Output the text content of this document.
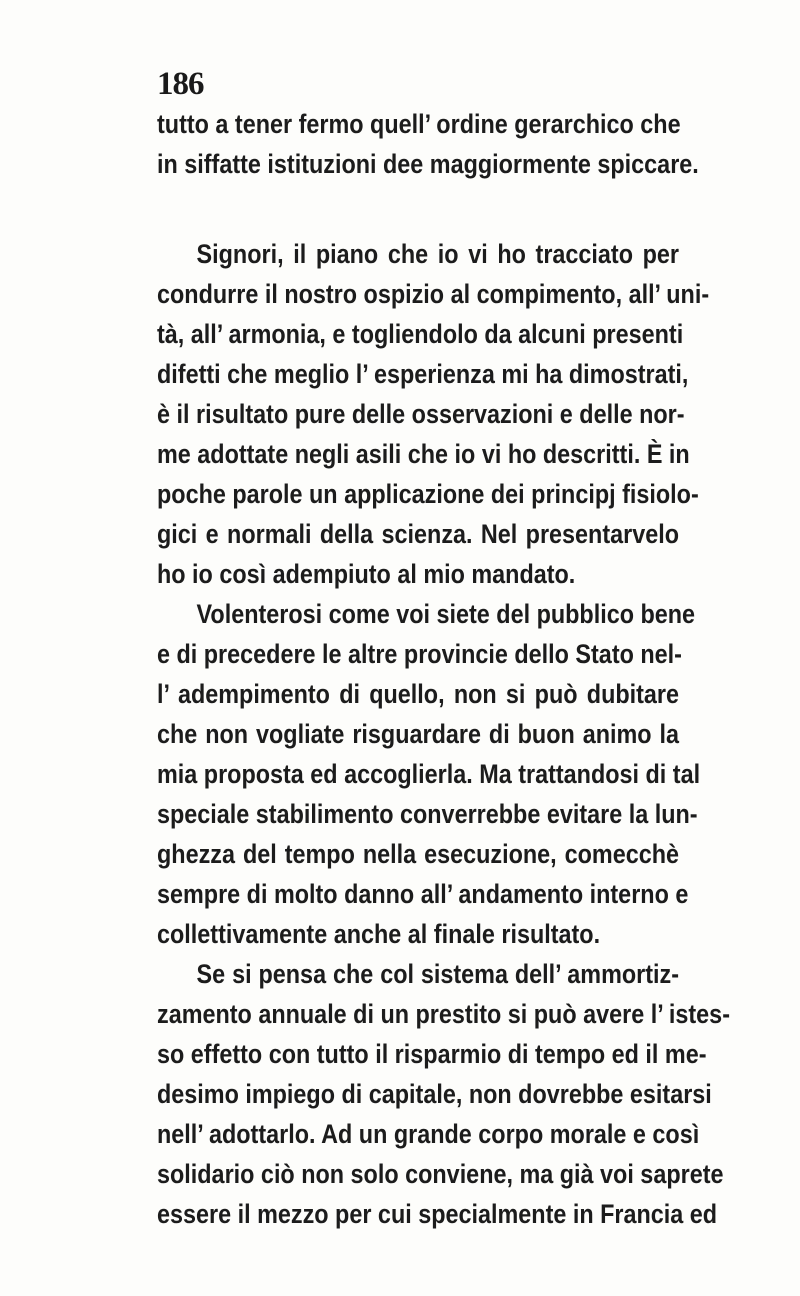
186
tutto a tener fermo quell’ ordine gerarchico che
in siffatte istituzioni dee maggiormente spiccare.
Signori, il piano che io vi ho tracciato per
condurre il nostro ospizio al compimento, all’ uni-
tà, all’ armonia, e togliendolo da alcuni presenti
difetti che meglio l’ esperienza mi ha dimostrati,
è il risultato pure delle osservazioni e delle nor-
me adottate negli asili che io vi ho descritti. È in
poche parole un applicazione dei principj fisiolo-
gici e normali della scienza. Nel presentarvelo
ho io così adempiuto al mio mandato.
Volenterosi come voi siete del pubblico bene
e di precedere le altre provincie dello Stato nel-
l’ adempimento di quello, non si può dubitare
che non vogliate risguardare di buon animo la
mia proposta ed accoglierla. Ma trattandosi di tal
speciale stabilimento converrebbe evitare la lun-
ghezza del tempo nella esecuzione, comecchè
sempre di molto danno all’ andamento interno e
collettivamente anche al finale risultato.
Se si pensa che col sistema dell’ ammortiz-
zamento annuale di un prestito si può avere l’ istes-
so effetto con tutto il risparmio di tempo ed il me-
desimo impiego di capitale, non dovrebbe esitarsi
nell’ adottarlo. Ad un grande corpo morale e così
solidario ciò non solo conviene, ma già voi saprete
essere il mezzo per cui specialmente in Francia ed
